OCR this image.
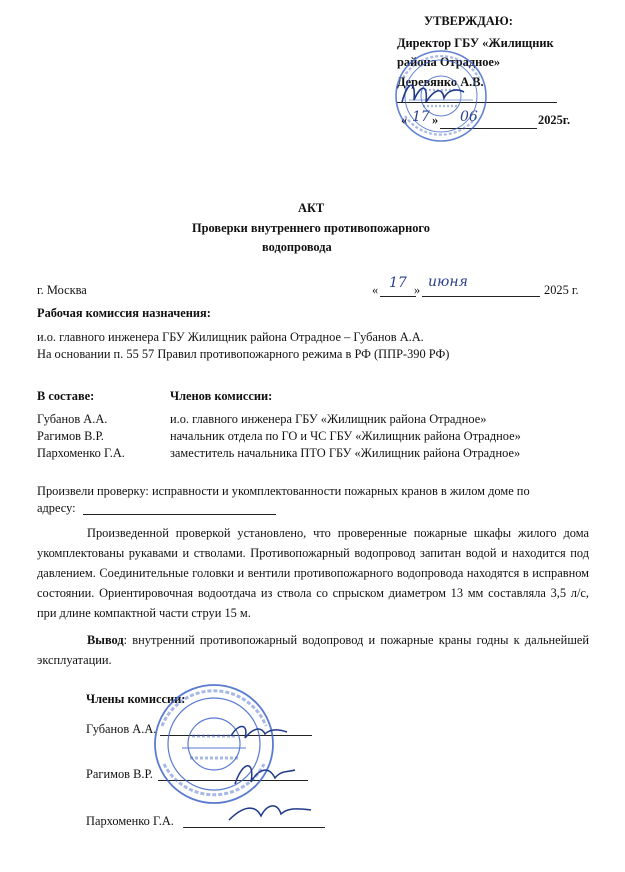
УТВЕРЖДАЮ:
Директор ГБУ «Жилищник
района Отрадное»
Деревянко А.В.
« 17 » 06	2025г.
АКТ
Проверки внутреннего противопожарного
водопровода
г. Москва	« 17 » июня	2025 г.
Рабочая комиссия назначения:
и.о. главного инженера ГБУ Жилищник района Отрадное – Губанов А.А.
На основании п. 55 57 Правил противопожарного режима в РФ (ППР-390 РФ)
В составе:	Членов комиссии:
Губанов А.А.	и.о. главного инженера ГБУ «Жилищник района Отрадное»
Рагимов В.Р.	начальник отдела по ГО и ЧС ГБУ «Жилищник района Отрадное»
Пархоменко Г.А.	заместитель начальника ПТО ГБУ «Жилищник района Отрадное»
Произвели проверку: исправности и укомплектованности пожарных кранов в жилом доме по
адресу:
Произведенной проверкой установлено, что проверенные пожарные шкафы жилого дома укомплектованы рукавами и стволами. Противопожарный водопровод запитан водой и находится под давлением. Соединительные головки и вентили противопожарного водопровода находятся в исправном состоянии. Ориентировочная водоотдача из ствола со спрыском диаметром 13 мм составляла 3,5 л/с, при длине компактной части струи 15 м.
Вывод: внутренний противопожарный водопровод и пожарные краны годны к дальнейшей эксплуатации.
Члены комиссии:
Губанов А.А.
Рагимов В.Р.
Пархоменко Г.А.
